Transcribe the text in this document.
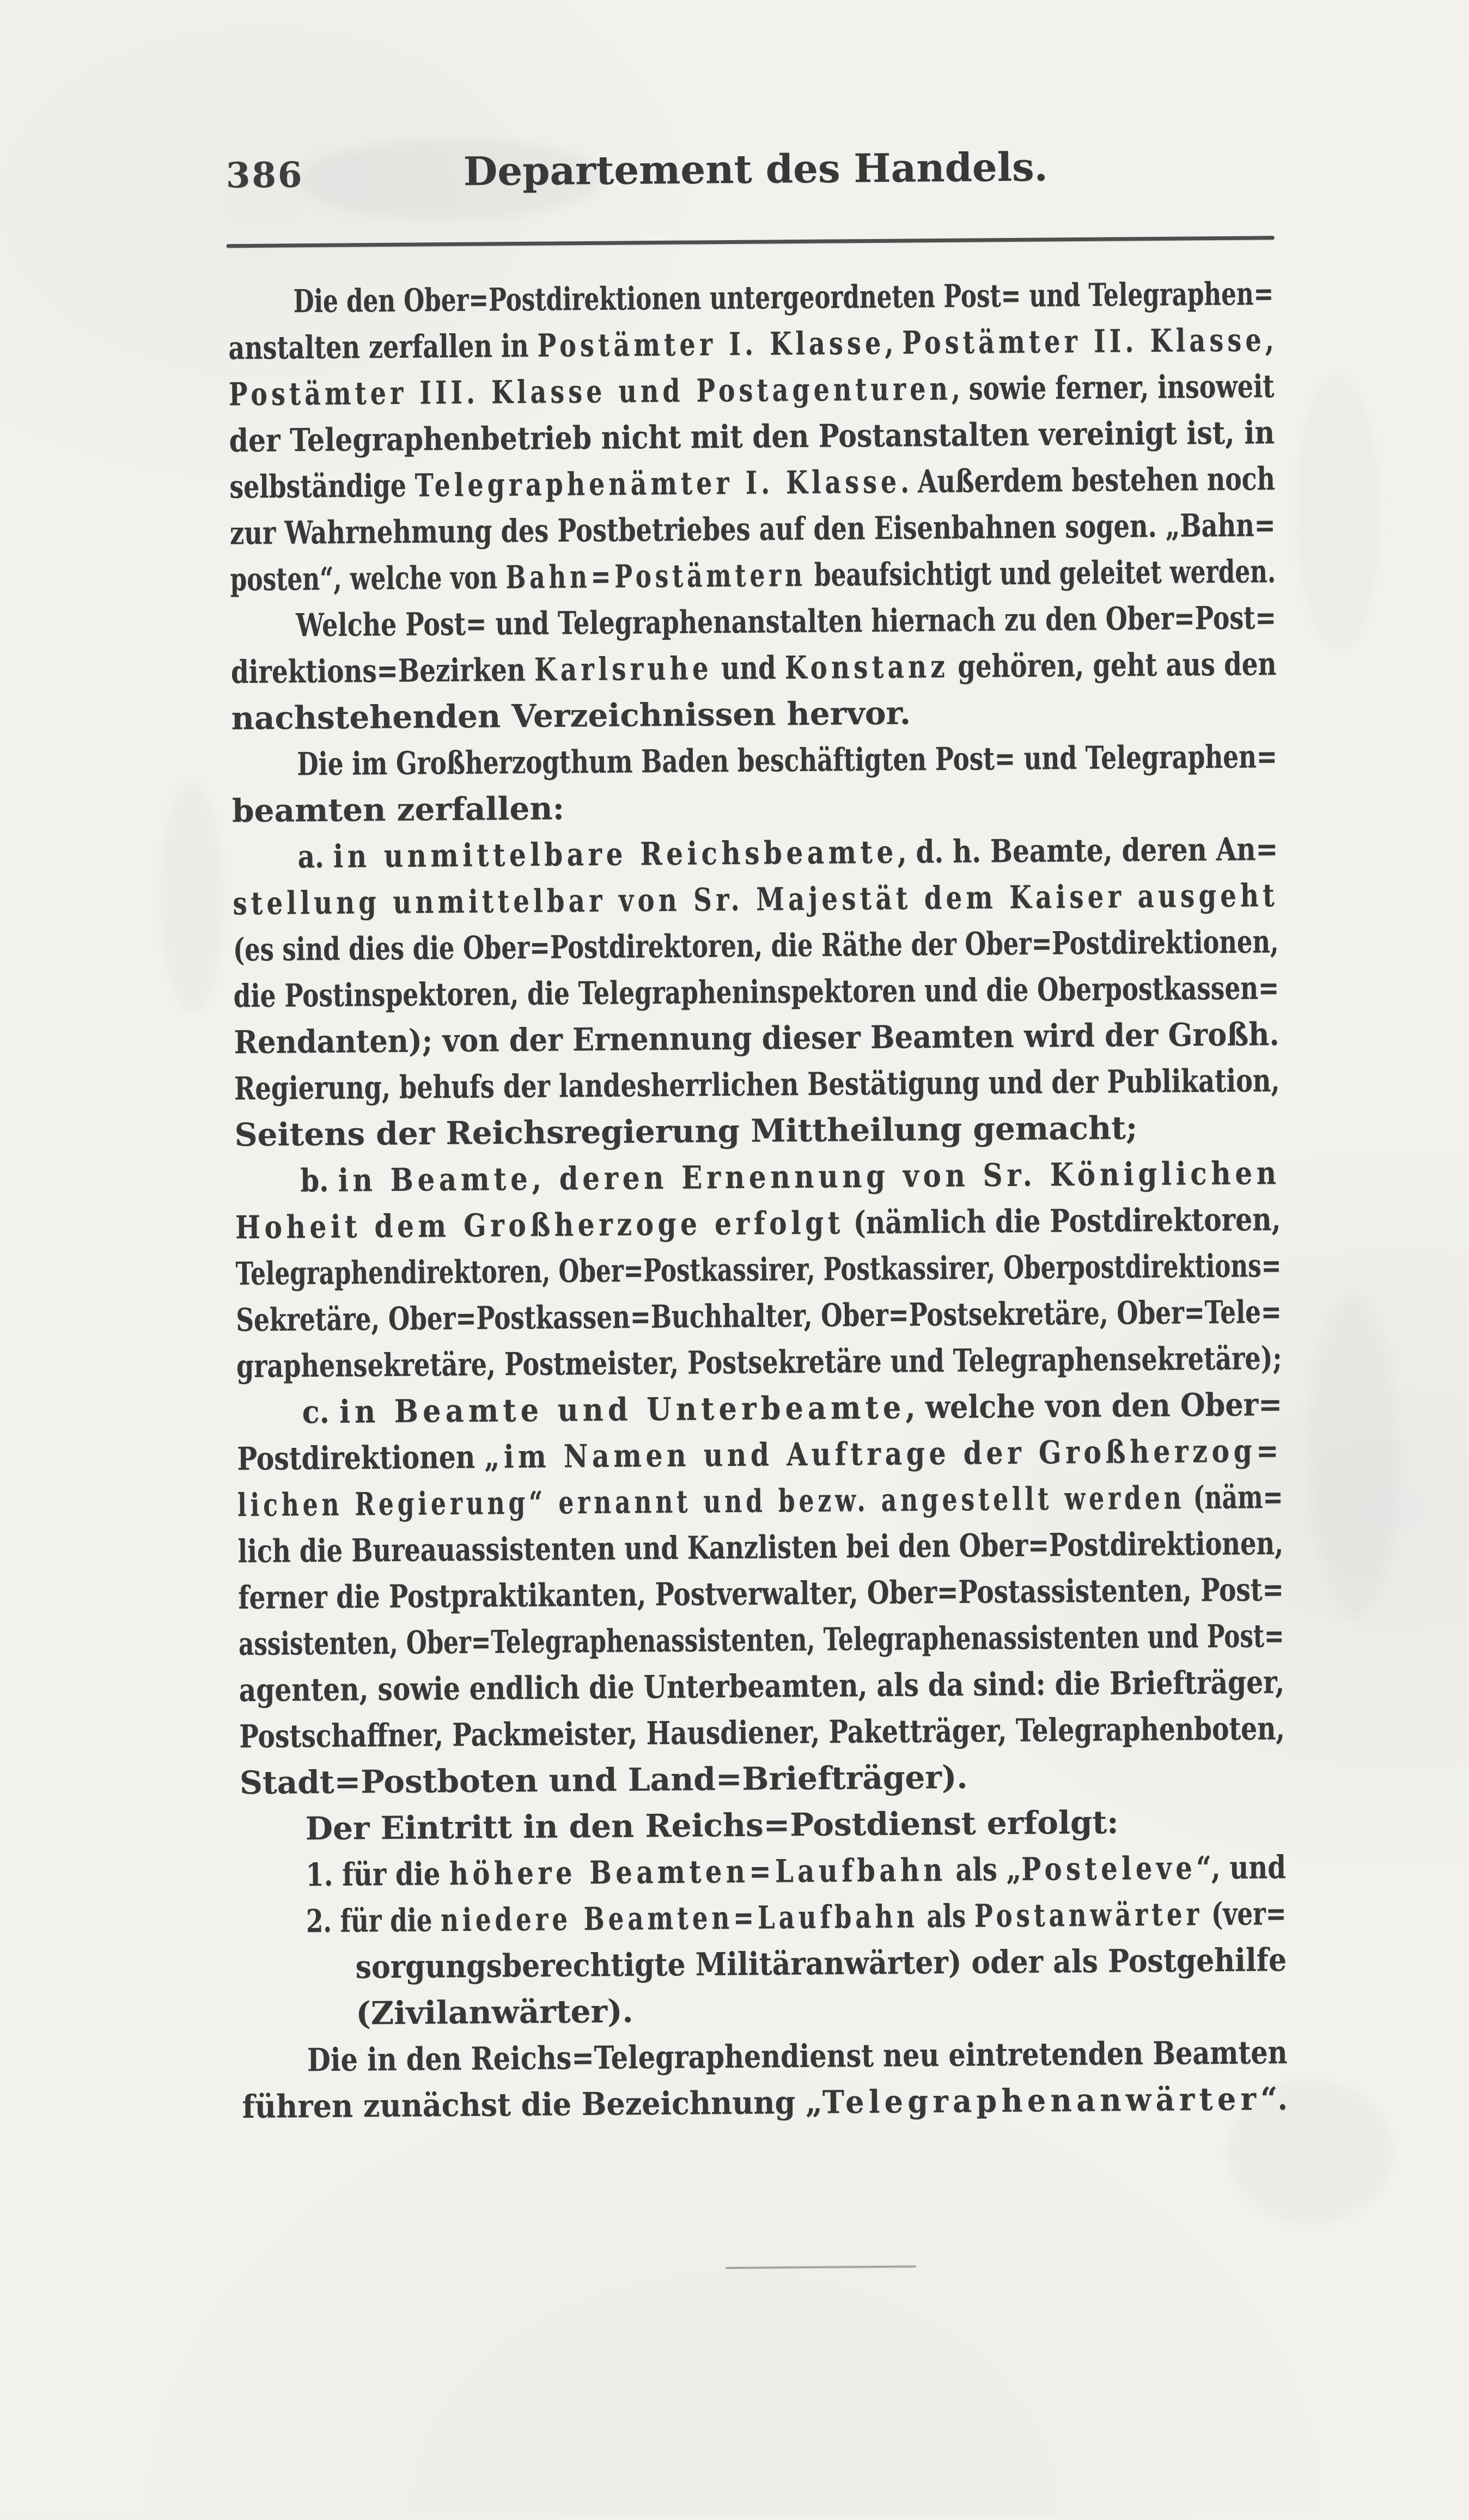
386	Departement des Handels.
Die den Ober=Postdirektionen untergeordneten Post= und Telegraphen=
anstalten zerfallen in Postämter I. Klasse, Postämter II. Klasse,
Postämter III. Klasse und Postagenturen, sowie ferner, insoweit
der Telegraphenbetrieb nicht mit den Postanstalten vereinigt ist, in
selbständige Telegraphenämter I. Klasse. Außerdem bestehen noch
zur Wahrnehmung des Postbetriebes auf den Eisenbahnen sogen. „Bahn=
posten“, welche von Bahn=Postämtern beaufsichtigt und geleitet werden.
Welche Post= und Telegraphenanstalten hiernach zu den Ober=Post=
direktions=Bezirken Karlsruhe und Konstanz gehören, geht aus den
nachstehenden Verzeichnissen hervor.
Die im Großherzogthum Baden beschäftigten Post= und Telegraphen=
beamten zerfallen:
a. in unmittelbare Reichsbeamte, d. h. Beamte, deren An=
stellung unmittelbar von Sr. Majestät dem Kaiser ausgeht
(es sind dies die Ober=Postdirektoren, die Räthe der Ober=Postdirektionen,
die Postinspektoren, die Telegrapheninspektoren und die Oberpostkassen=
Rendanten); von der Ernennung dieser Beamten wird der Großh.
Regierung, behufs der landesherrlichen Bestätigung und der Publikation,
Seitens der Reichsregierung Mittheilung gemacht;
b. in Beamte, deren Ernennung von Sr. Königlichen
Hoheit dem Großherzoge erfolgt (nämlich die Postdirektoren,
Telegraphendirektoren, Ober=Postkassirer, Postkassirer, Oberpostdirektions=
Sekretäre, Ober=Postkassen=Buchhalter, Ober=Postsekretäre, Ober=Tele=
graphensekretäre, Postmeister, Postsekretäre und Telegraphensekretäre);
c. in Beamte und Unterbeamte, welche von den Ober=
Postdirektionen „im Namen und Auftrage der Großherzog=
lichen Regierung“ ernannt und bezw. angestellt werden (näm=
lich die Bureauassistenten und Kanzlisten bei den Ober=Postdirektionen,
ferner die Postpraktikanten, Postverwalter, Ober=Postassistenten, Post=
assistenten, Ober=Telegraphenassistenten, Telegraphenassistenten und Post=
agenten, sowie endlich die Unterbeamten, als da sind: die Briefträger,
Postschaffner, Packmeister, Hausdiener, Paketträger, Telegraphenboten,
Stadt=Postboten und Land=Briefträger).
Der Eintritt in den Reichs=Postdienst erfolgt:
1. für die höhere Beamten=Laufbahn als „Posteleve“, und
2. für die niedere Beamten=Laufbahn als Postanwärter (ver=
sorgungsberechtigte Militäranwärter) oder als Postgehilfe
(Zivilanwärter).
Die in den Reichs=Telegraphendienst neu eintretenden Beamten
führen zunächst die Bezeichnung „Telegraphenanwärter“.
